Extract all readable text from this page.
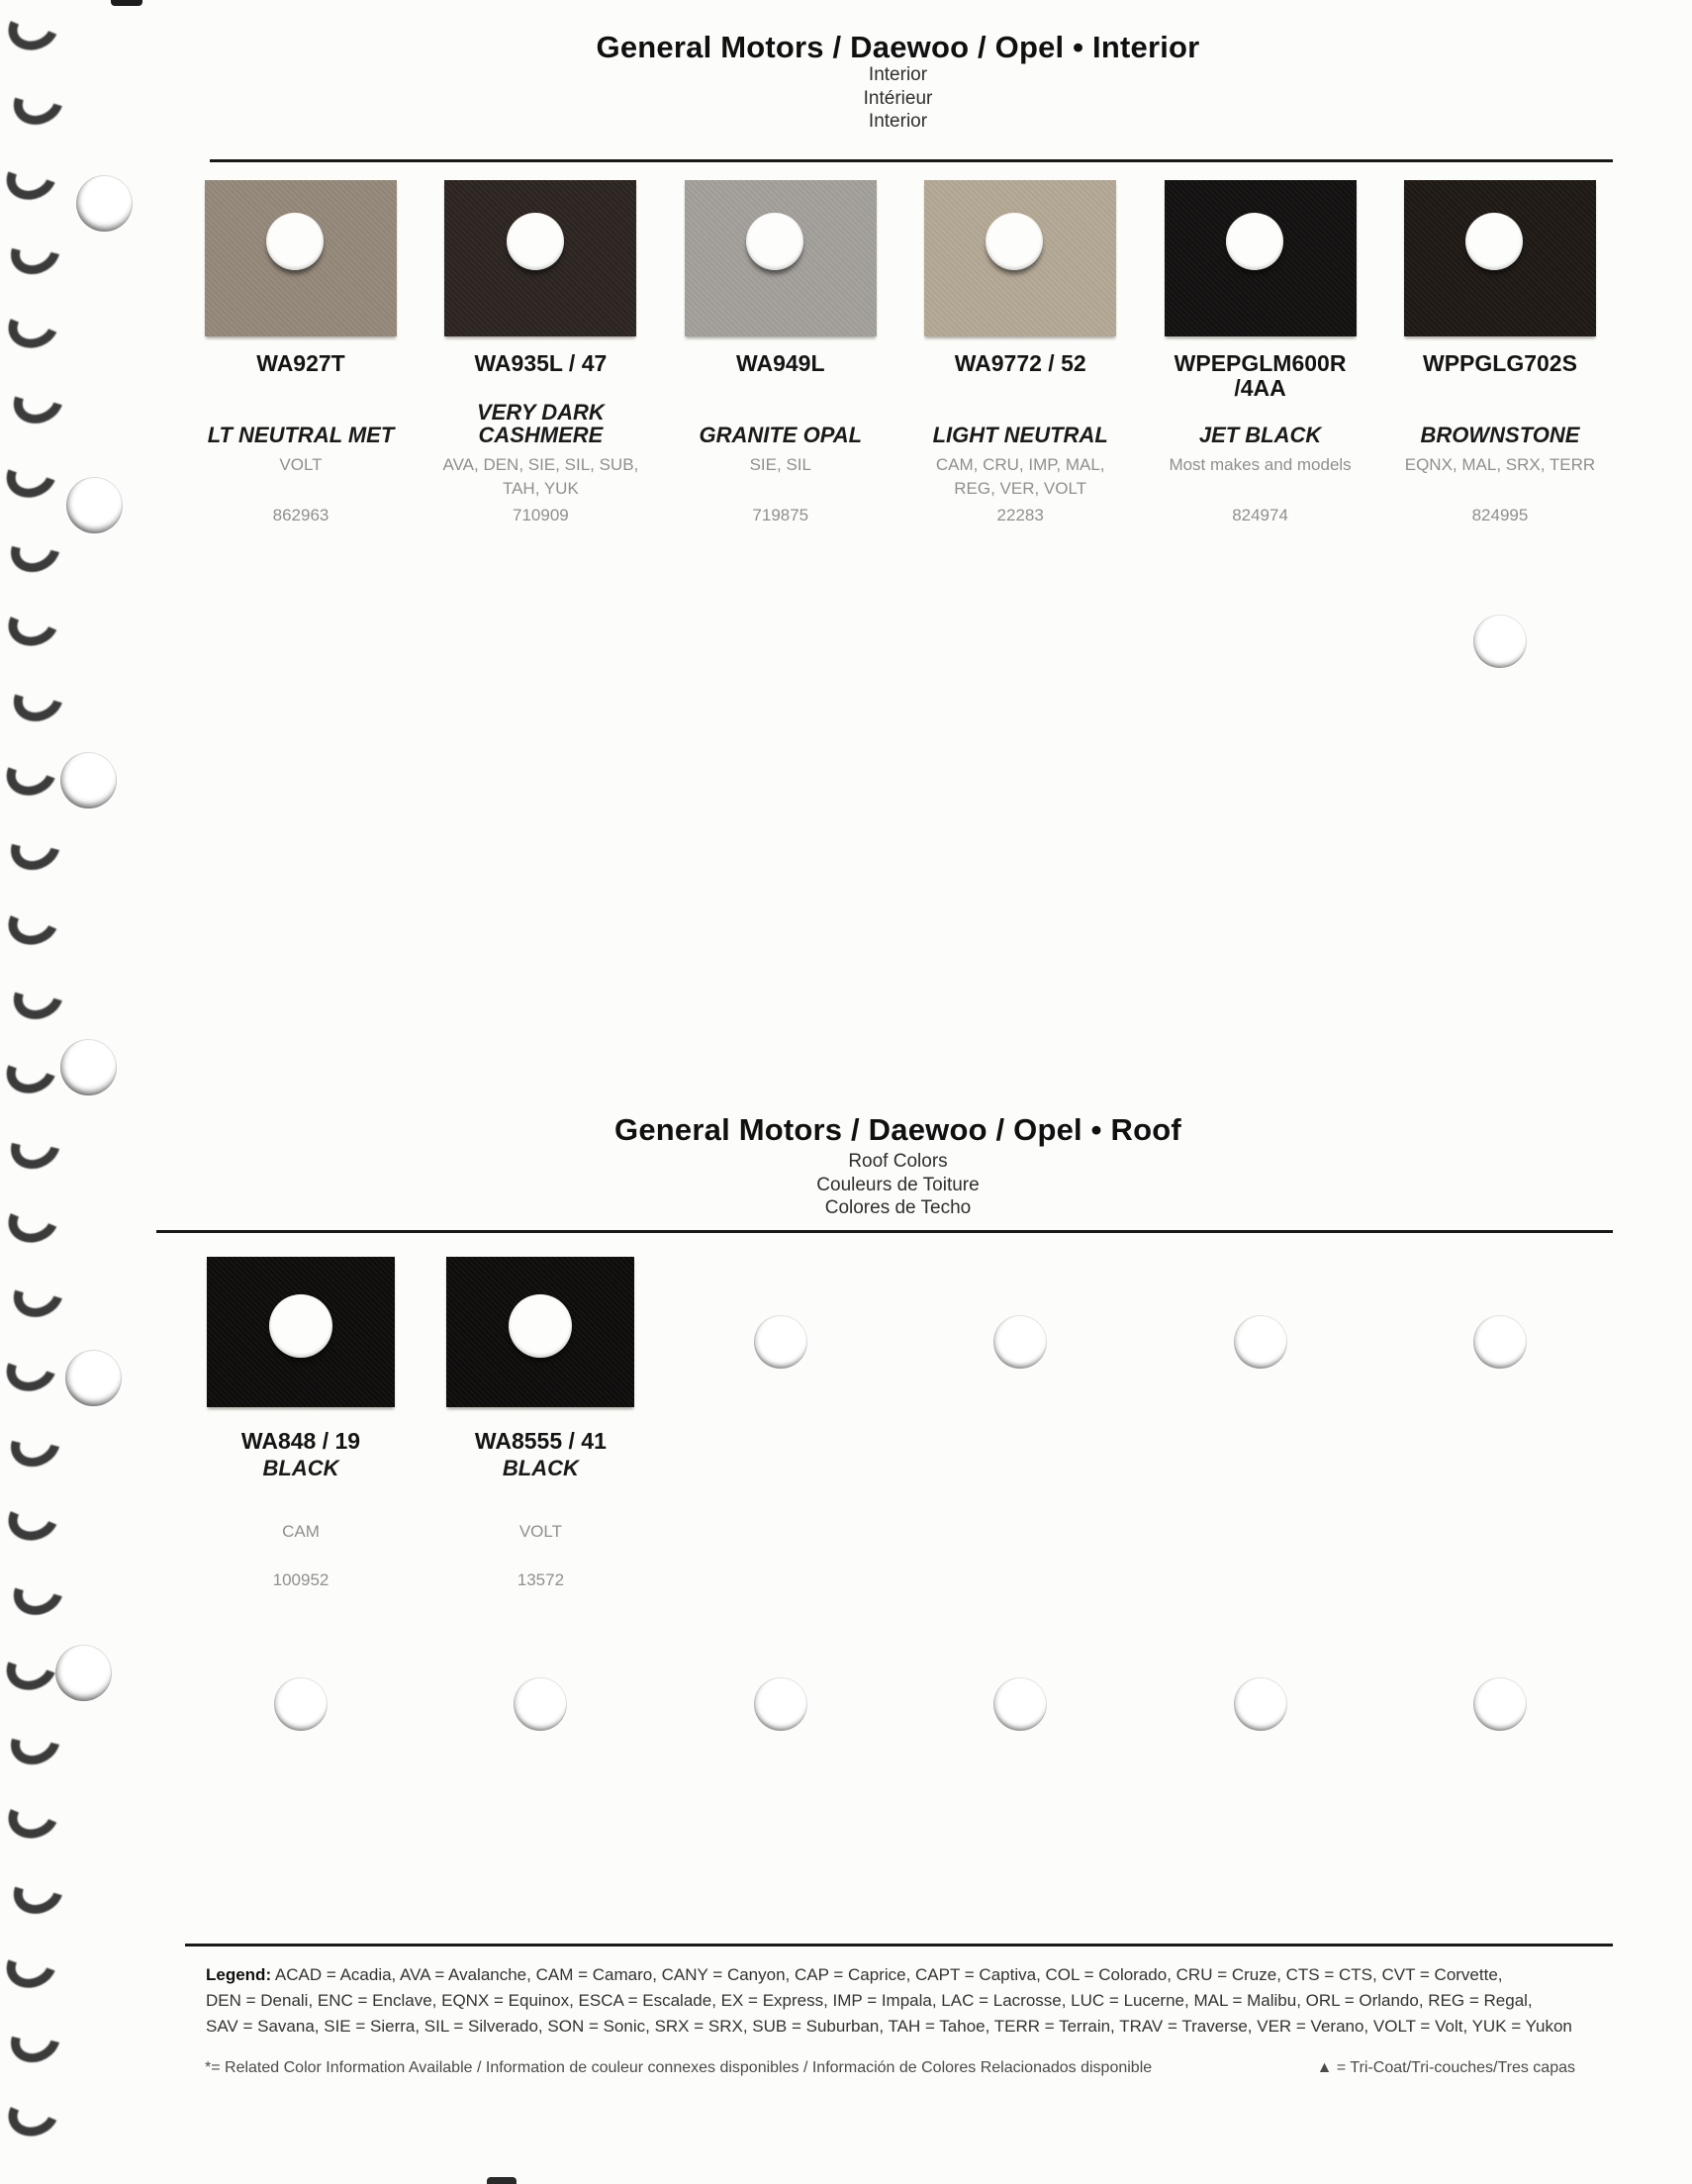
General Motors / Daewoo / Opel • Interior
Interior
Intérieur
Interior
WA927T
LT NEUTRAL MET
VOLT
862963
WA935L / 47
VERY DARK CASHMERE
AVA, DEN, SIE, SIL, SUB, TAH, YUK
710909
WA949L
GRANITE OPAL
SIE, SIL
719875
WA9772 / 52
LIGHT NEUTRAL
CAM, CRU, IMP, MAL, REG, VER, VOLT
22283
WPEPGLM600R
/4AA
JET BLACK
Most makes and models
824974
WPPGLG702S
BROWNSTONE
EQNX, MAL, SRX, TERR
824995
General Motors / Daewoo / Opel • Roof
Roof Colors
Couleurs de Toiture
Colores de Techo
WA848 / 19
BLACK
CAM
100952
WA8555 / 41
BLACK
VOLT
13572
Legend: ACAD = Acadia, AVA = Avalanche, CAM = Camaro, CANY = Canyon, CAP = Caprice, CAPT = Captiva, COL = Colorado, CRU = Cruze, CTS = CTS, CVT = Corvette,
DEN = Denali, ENC = Enclave, EQNX = Equinox, ESCA = Escalade, EX = Express, IMP = Impala, LAC = Lacrosse, LUC = Lucerne, MAL = Malibu, ORL = Orlando, REG = Regal,
SAV = Savana, SIE = Sierra, SIL = Silverado, SON = Sonic, SRX = SRX, SUB = Suburban, TAH = Tahoe, TERR = Terrain, TRAV = Traverse, VER = Verano, VOLT = Volt, YUK = Yukon
*= Related Color Information Available / Information de couleur connexes disponibles / Información de Colores Relacionados disponible	▲ = Tri-Coat/Tri-couches/Tres capas
